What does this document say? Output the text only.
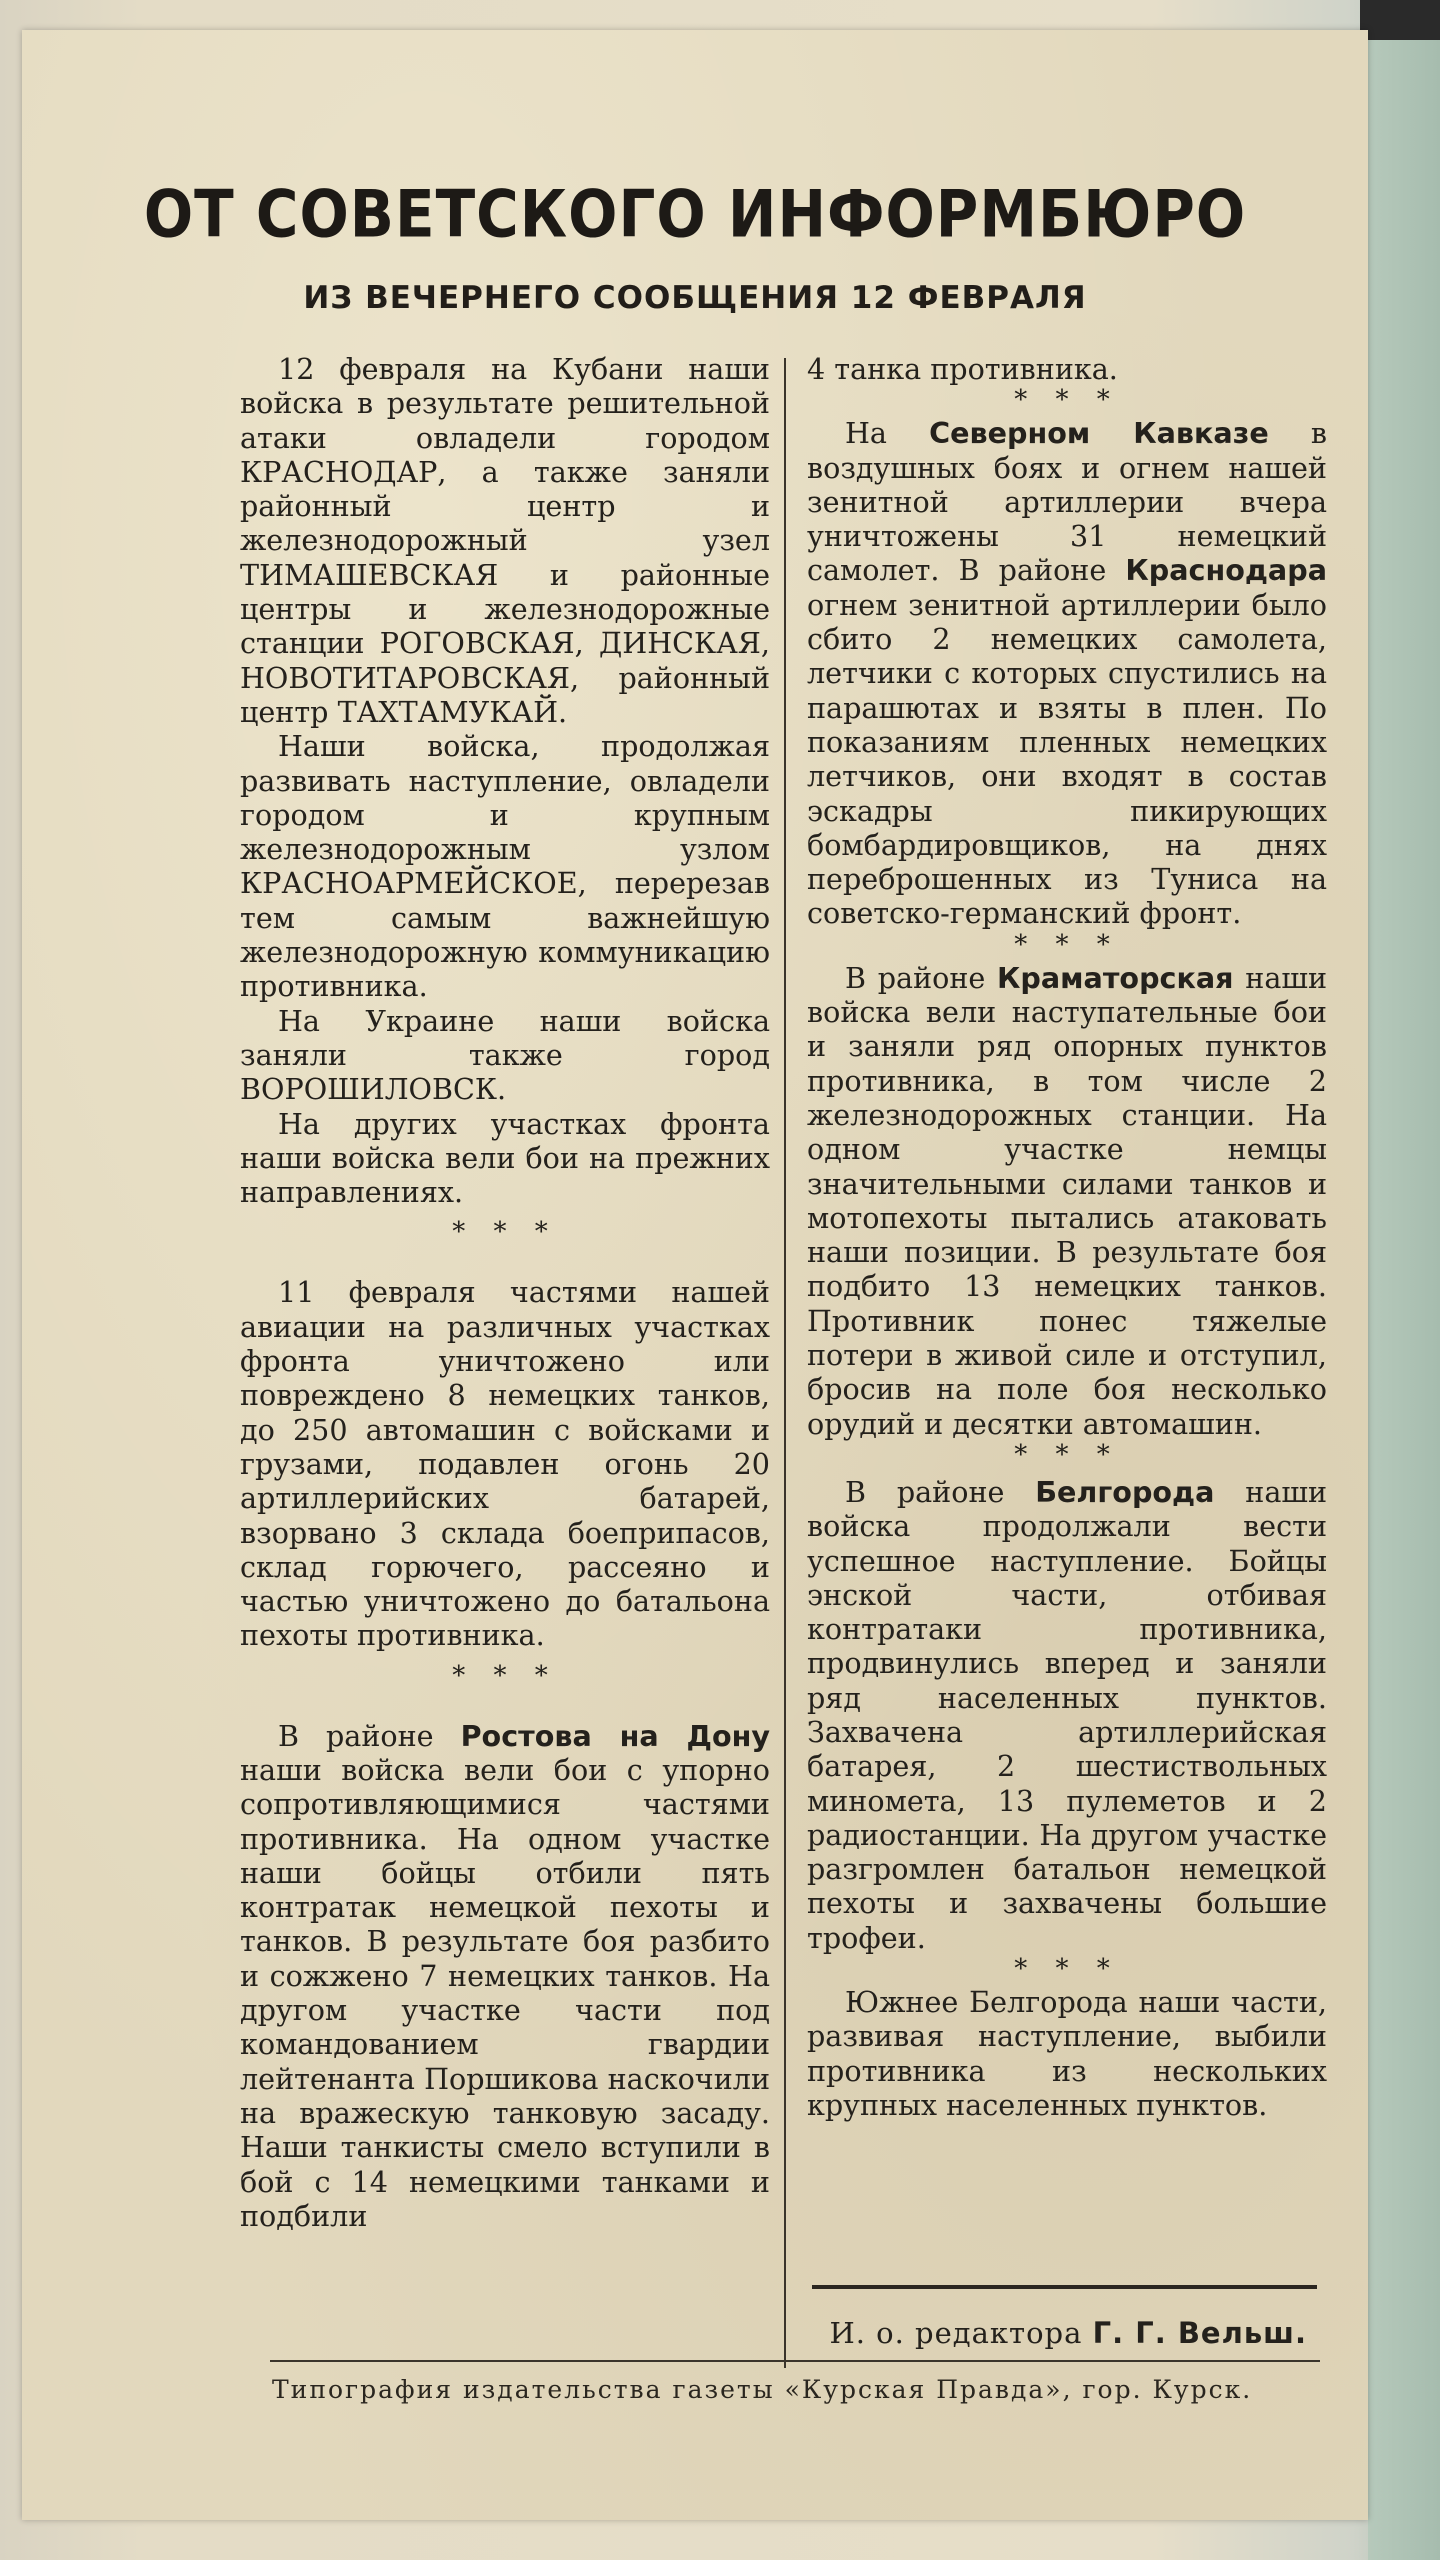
ОТ СОВЕТСКОГО ИНФОРМБЮРО
ИЗ ВЕЧЕРНЕГО СООБЩЕНИЯ 12 ФЕВРАЛЯ

12 февраля на Кубани наши войска в результате решительной атаки овладели городом КРАСНОДАР, а также заняли районный центр и железнодорожный узел ТИМАШЕВСКАЯ и районные центры и железнодорожные станции РОГОВСКАЯ, ДИНСКАЯ, НОВОТИТАРОВСКАЯ, районный центр ТАХТАМУКАЙ.

Наши войска, продолжая развивать наступление, овладели городом и крупным железнодорожным узлом КРАСНОАРМЕЙСКОЕ, перерезав тем самым важнейшую железнодорожную коммуникацию противника.

На Украине наши войска заняли также город ВОРОШИЛОВСК.

На других участках фронта наши войска вели бои на прежних направлениях.

* * *

11 февраля частями нашей авиации на различных участках фронта уничтожено или повреждено 8 немецких танков, до 250 автомашин с войсками и грузами, подавлен огонь 20 артиллерийских батарей, взорвано 3 склада боеприпасов, склад горючего, рассеяно и частью уничтожено до батальона пехоты противника.

* * *

В районе Ростова на Дону наши войска вели бои с упорно сопротивляющимися частями противника. На одном участке наши бойцы отбили пять контратак немецкой пехоты и танков. В результате боя разбито и сожжено 7 немецких танков. На другом участке части под командованием гвардии лейтенанта Поршикова наскочили на вражескую танковую засаду. Наши танкисты смело вступили в бой с 14 немецкими танками и подбили

4 танка противника.

* * *

На Северном Кавказе в воздушных боях и огнем нашей зенитной артиллерии вчера уничтожены 31 немецкий самолет. В районе Краснодара огнем зенитной артиллерии было сбито 2 немецких самолета, летчики с которых спустились на парашютах и взяты в плен. По показаниям пленных немецких летчиков, они входят в состав эскадры пикирующих бомбардировщиков, на днях переброшенных из Туниса на советско-германский фронт.

* * *

В районе Краматорская наши войска вели наступательные бои и заняли ряд опорных пунктов противника, в том числе 2 железнодорожных станции. На одном участке немцы значительными силами танков и мотопехоты пытались атаковать наши позиции. В результате боя подбито 13 немецких танков. Противник понес тяжелые потери в живой силе и отступил, бросив на поле боя несколько орудий и десятки автомашин.

* * *

В районе Белгорода наши войска продолжали вести успешное наступление. Бойцы энской части, отбивая контратаки противника, продвинулись вперед и заняли ряд населенных пунктов. Захвачена артиллерийская батарея, 2 шестиствольных миномета, 13 пулеметов и 2 радиостанции. На другом участке разгромлен батальон немецкой пехоты и захвачены большие трофеи.

* * *

Южнее Белгорода наши части, развивая наступление, выбили противника из нескольких крупных населенных пунктов.

И. о. редактора Г. Г. Вельш.
Типография издательства газеты «Курская Правда», гор. Курск.
